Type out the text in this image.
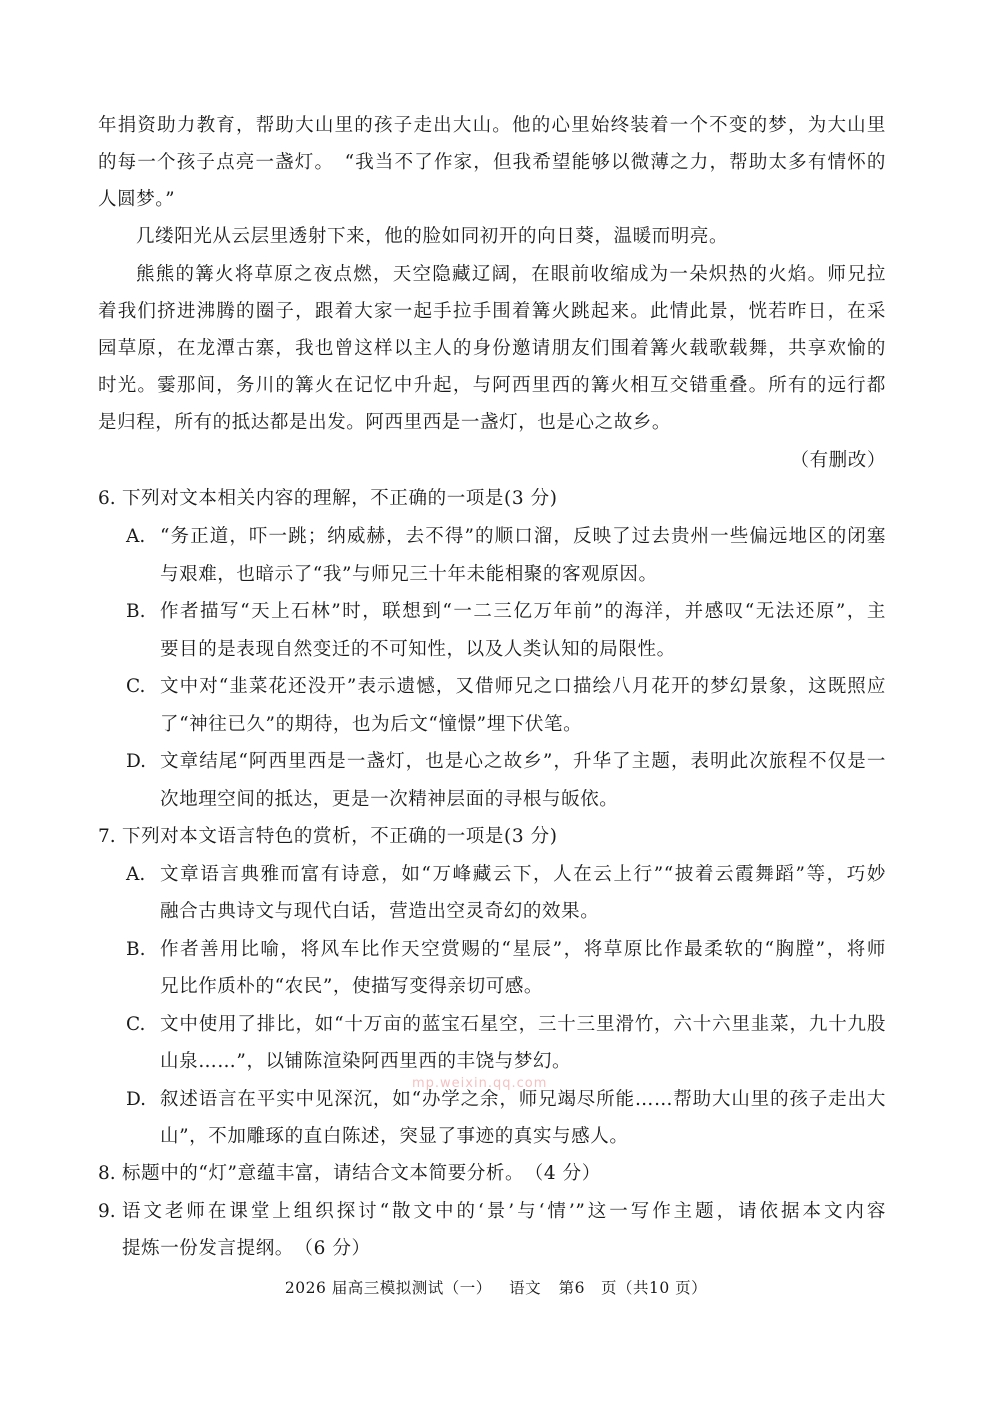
年捐资助力教育，帮助大山里的孩子走出大山。他的心里始终装着一个不变的梦，为大山里
的每一个孩子点亮一盏灯。　“我当不了作家，但我希望能够以微薄之力，帮助太多有情怀的
人圆梦。”
几缕阳光从云层里透射下来，他的脸如同初开的向日葵，温暖而明亮。
熊熊的篝火将草原之夜点燃，天空隐藏辽阔，在眼前收缩成为一朵炽热的火焰。师兄拉
着我们挤进沸腾的圈子，跟着大家一起手拉手围着篝火跳起来。此情此景，恍若昨日，在采
园草原，在龙潭古寨，我也曾这样以主人的身份邀请朋友们围着篝火载歌载舞，共享欢愉的
时光。霎那间，务川的篝火在记忆中升起，与阿西里西的篝火相互交错重叠。所有的远行都
是归程，所有的抵达都是出发。阿西里西是一盏灯，也是心之故乡。
（有删改）
6. 下列对文本相关内容的理解，不正确的一项是(3 分)
A. “务正道，吓一跳；纳威赫，去不得”的顺口溜，反映了过去贵州一些偏远地区的闭塞
与艰难，也暗示了“我”与师兄三十年未能相聚的客观原因。
B. 作者描写“天上石林”时，联想到“一二三亿万年前”的海洋，并感叹“无法还原”，主
要目的是表现自然变迁的不可知性，以及人类认知的局限性。
C. 文中对“韭菜花还没开”表示遗憾，又借师兄之口描绘八月花开的梦幻景象，这既照应
了“神往已久”的期待，也为后文“憧憬”埋下伏笔。
D. 文章结尾“阿西里西是一盏灯，也是心之故乡”，升华了主题，表明此次旅程不仅是一
次地理空间的抵达，更是一次精神层面的寻根与皈依。
7. 下列对本文语言特色的赏析，不正确的一项是(3 分)
A. 文章语言典雅而富有诗意，如“万峰藏云下，人在云上行”“披着云霞舞蹈”等，巧妙
融合古典诗文与现代白话，营造出空灵奇幻的效果。
B. 作者善用比喻，将风车比作天空赏赐的“星辰”，将草原比作最柔软的“胸膛”，将师
兄比作质朴的“农民”，使描写变得亲切可感。
C. 文中使用了排比，如“十万亩的蓝宝石星空，三十三里滑竹，六十六里韭菜，九十九股
山泉……”，以铺陈渲染阿西里西的丰饶与梦幻。
D. 叙述语言在平实中见深沉，如“办学之余，师兄竭尽所能……帮助大山里的孩子走出大
山”，不加雕琢的直白陈述，突显了事迹的真实与感人。
8. 标题中的“灯”意蕴丰富，请结合文本简要分析。　（4 分）
9. 语文老师在课堂上组织探讨“散文中的‘景’与‘情’”这一写作主题，请依据本文内容
提炼一份发言提纲。　（6 分）
mp.weixin.qq.com
2026 届高三模拟测试（一） 语文 第6　页（共10 页）
